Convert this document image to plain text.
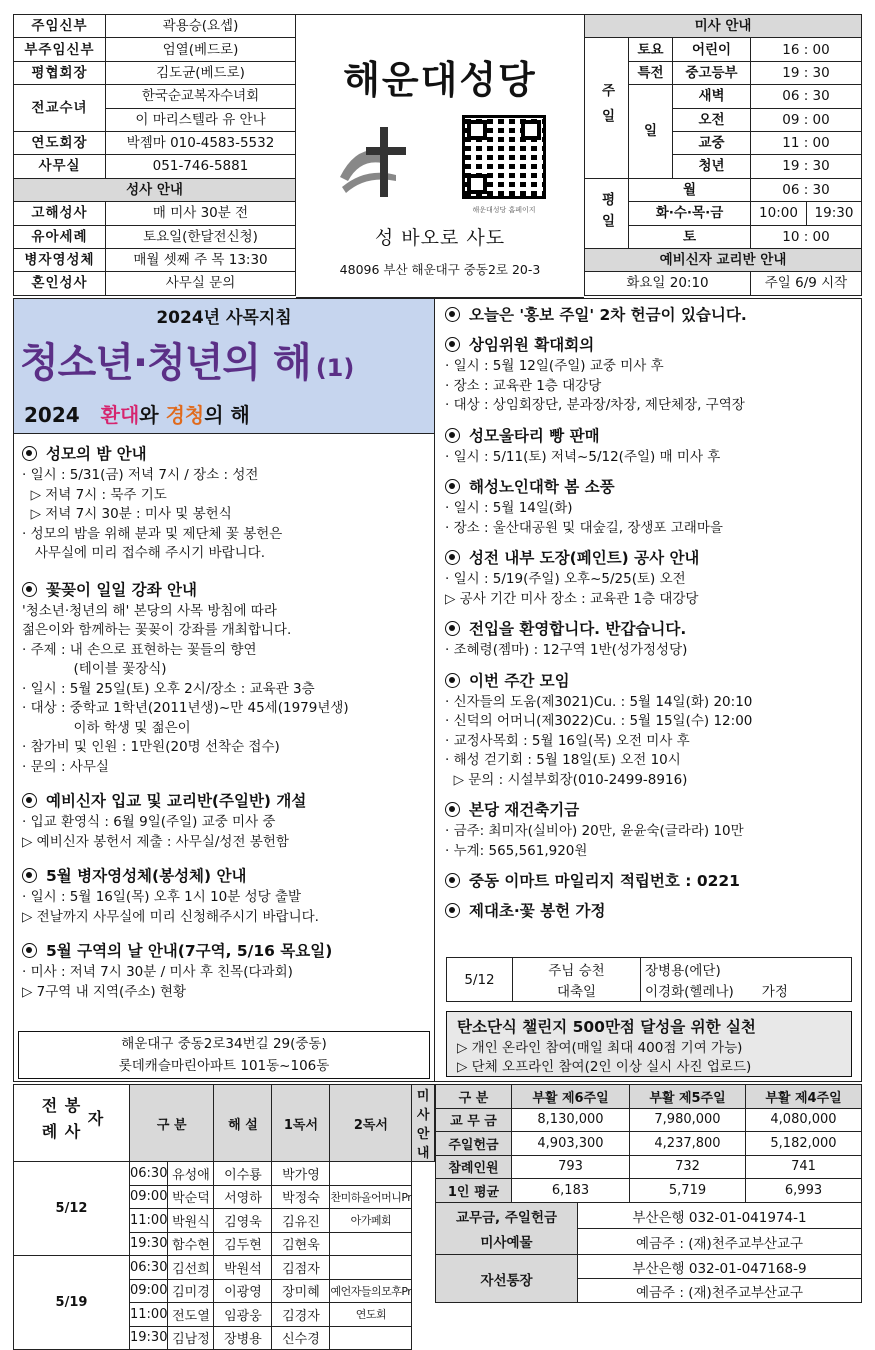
주임신부	곽용승(요셉)
부주임신부	엄열(베드로)
평협회장	김도균(베드로)
전교수녀	한국순교복자수녀회
	이 마리스텔라 유 안나
연도회장	박젬마 010-4583-5532
사무실	051-746-5881
성사 안내	
고해성사	매 미사 30분 전
유아세례	토요일(한달전신청)
병자영성체	매월 셋째 주 목 13:30
혼인성사	사무실 문의
해운대성당
해운대성당 홈페이지
성 바오로 사도
48096 부산 해운대구 중동2로 20-3
미사 안내				
주일	토요	어린이	16 : 00	
	특전	중고등부	19 : 30	
	일	새벽	06 : 30	
		오전	09 : 00	
		교중	11 : 00	
		청년	19 : 30	
평일	월		06 : 30	
	화·수·목·금		10:00	19:30
	토		10 : 00	
예비신자 교리반 안내				
화요일 20:10			주일 6/9 시작	
2024년 사목지침
청소년·청년의 해 (1)
2024 환대와 경청의 해
성모의 밤 안내
· 일시 : 5/31(금) 저녁 7시 / 장소 : 성전
▷ 저녁 7시 : 묵주 기도
▷ 저녁 7시 30분 : 미사 및 봉헌식
· 성모의 밤을 위해 분과 및 제단체 꽃 봉헌은
사무실에 미리 접수해 주시기 바랍니다.
꽃꽂이 일일 강좌 안내
'청소년·청년의 해' 본당의 사목 방침에 따라
젊은이와 함께하는 꽃꽂이 강좌를 개최합니다.
· 주제 : 내 손으로 표현하는 꽃들의 향연
(테이블 꽃장식)
· 일시 : 5월 25일(토) 오후 2시/장소 : 교육관 3층
· 대상 : 중학교 1학년(2011년생)~만 45세(1979년생)
이하 학생 및 젊은이
· 참가비 및 인원 : 1만원(20명 선착순 접수)
· 문의 : 사무실
예비신자 입교 및 교리반(주일반) 개설
· 입교 환영식 : 6월 9일(주일) 교중 미사 중
▷ 예비신자 봉헌서 제출 : 사무실/성전 봉헌함
5월 병자영성체(봉성체) 안내
· 일시 : 5월 16일(목) 오후 1시 10분 성당 출발
▷ 전날까지 사무실에 미리 신청해주시기 바랍니다.
5월 구역의 날 안내(7구역, 5/16 목요일)
· 미사 : 저녁 7시 30분 / 미사 후 친목(다과회)
▷ 7구역 내 지역(주소) 현황
해운대구 중동2로34번길 29(중동)
롯데캐슬마린아파트 101동~106동
오늘은 '홍보 주일' 2차 헌금이 있습니다.
상임위원 확대회의
· 일시 : 5월 12일(주일) 교중 미사 후
· 장소 : 교육관 1층 대강당
· 대상 : 상임회장단, 분과장/차장, 제단체장, 구역장
성모울타리 빵 판매
· 일시 : 5/11(토) 저녁~5/12(주일) 매 미사 후
해성노인대학 봄 소풍
· 일시 : 5월 14일(화)
· 장소 : 울산대공원 및 대숲길, 장생포 고래마을
성전 내부 도장(페인트) 공사 안내
· 일시 : 5/19(주일) 오후~5/25(토) 오전
▷ 공사 기간 미사 장소 : 교육관 1층 대강당
전입을 환영합니다. 반갑습니다.
· 조혜령(젬마) : 12구역 1반(성가정성당)
이번 주간 모임
· 신자들의 도움(제3021)Cu. : 5월 14일(화) 20:10
· 신덕의 어머니(제3022)Cu. : 5월 15일(수) 12:00
· 교정사목회 : 5월 16일(목) 오전 미사 후
· 해성 걷기회 : 5월 18일(토) 오전 10시
▷ 문의 : 시설부회장(010-2499-8916)
본당 재건축기금
· 금주: 최미자(실비아) 20만, 윤윤숙(글라라) 10만
· 누계: 565,561,920원
중동 이마트 마일리지 적립번호 : 0221
제대초·꽃 봉헌 가정
5/12	주님 승천	장병용(에단)
	대축일	이경화(헬레나) 가정
탄소단식 챌린지 500만점 달성을 위한 실천
▷ 개인 온라인 참여(매일 최대 400점 기여 가능)
▷ 단체 오프라인 참여(2인 이상 실시 사진 업로드)
전례봉사자	구 분		해 설	1독서	2독서	미사 안내
5/12	06:30	유성애	이수룡	박가영		
	09:00	박순덕	서영하	박정숙	찬미하올어머니Pr	
	11:00	박원식	김영욱	김유진	아가페회	
	19:30	함수현	김두현	김현욱		
5/19	06:30	김선희	박원석	김점자		
	09:00	김미경	이광영	장미혜	예언자들의모후Pr	
	11:00	전도열	임광웅	김경자	연도회	
	19:30	김남정	장병용	신수경		
구 분	부활 제6주일	부활 제5주일	부활 제4주일
교 무 금	8,130,000	7,980,000	4,080,000
주일헌금	4,903,300	4,237,800	5,182,000
참례인원	793	732	741
1인 평균	6,183	5,719	6,993
교무금, 주일헌금	부산은행 032-01-041974-1
미사예물	예금주 : (재)천주교부산교구
자선통장	부산은행 032-01-047168-9
	예금주 : (재)천주교부산교구
